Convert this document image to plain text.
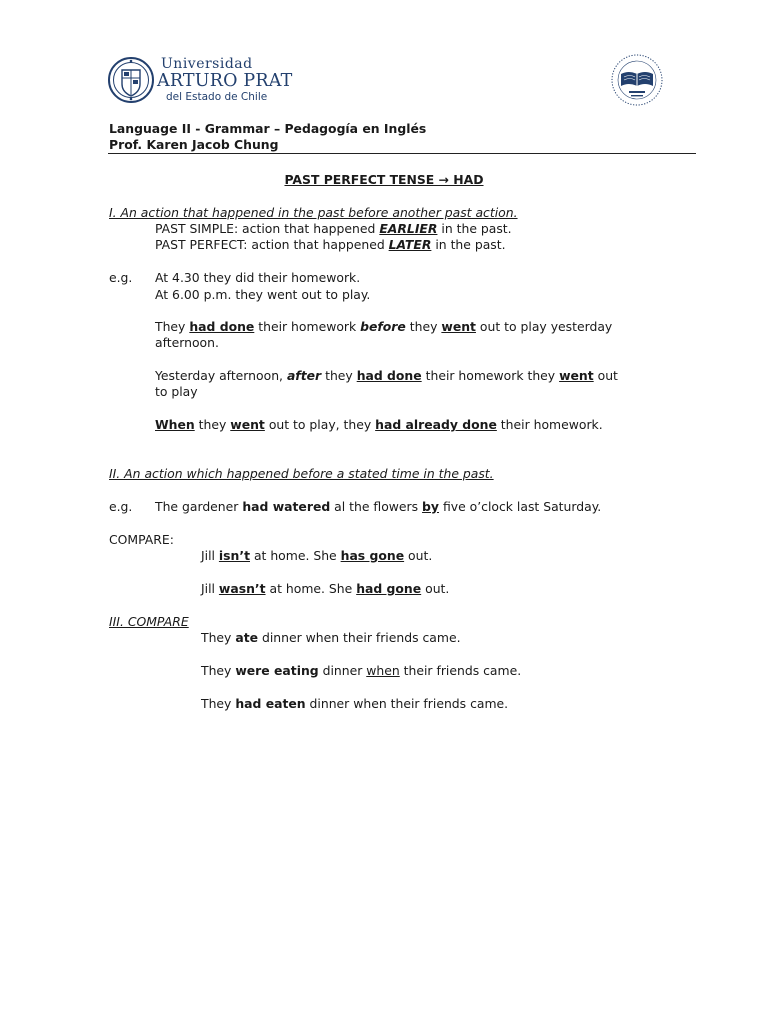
Universidad
ARTURO PRAT
del Estado de Chile
Language II - Grammar – Pedagogía en Inglés
Prof. Karen Jacob Chung
PAST PERFECT TENSE → HAD
I. An action that happened in the past before another past action.
PAST SIMPLE: action that happened EARLIER in the past.
PAST PERFECT: action that happened LATER in the past.
e.g. At 4.30 they did their homework.
At 6.00 p.m. they went out to play.
They had done their homework before they went out to play yesterday
afternoon.
Yesterday afternoon, after they had done their homework they went out
to play
When they went out to play, they had already done their homework.
II. An action which happened before a stated time in the past.
e.g. The gardener had watered al the flowers by five o’clock last Saturday.
COMPARE:
Jill isn’t at home. She has gone out.
Jill wasn’t at home. She had gone out.
III. COMPARE
They ate dinner when their friends came.
They were eating dinner when their friends came.
They had eaten dinner when their friends came.
